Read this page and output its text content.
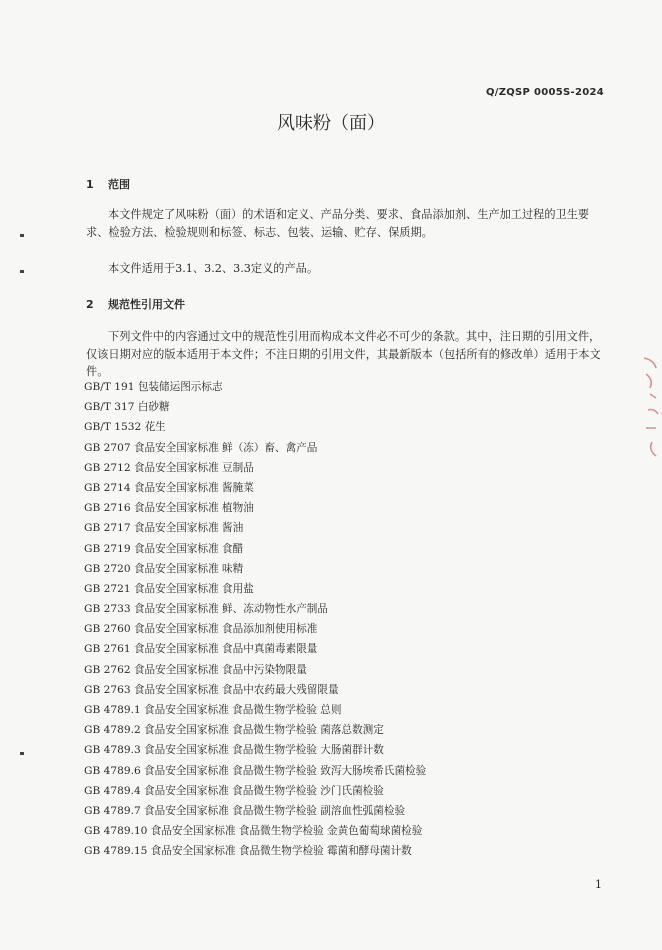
Q/ZQSP 0005S-2024
风味粉（面）
1 范围
本文件规定了风味粉（面）的术语和定义、产品分类、要求、食品添加剂、生产加工过程的卫生要求、检验方法、检验规则和标签、标志、包装、运输、贮存、保质期。
本文件适用于3.1、3.2、3.3定义的产品。
2 规范性引用文件
下列文件中的内容通过文中的规范性引用而构成本文件必不可少的条款。其中，注日期的引用文件，仅该日期对应的版本适用于本文件；不注日期的引用文件，其最新版本（包括所有的修改单）适用于本文件。
GB/T 191 包装储运图示标志
GB/T 317 白砂糖
GB/T 1532 花生
GB 2707 食品安全国家标准 鲜（冻）畜、禽产品
GB 2712 食品安全国家标准 豆制品
GB 2714 食品安全国家标准 酱腌菜
GB 2716 食品安全国家标准 植物油
GB 2717 食品安全国家标准 酱油
GB 2719 食品安全国家标准 食醋
GB 2720 食品安全国家标准 味精
GB 2721 食品安全国家标准 食用盐
GB 2733 食品安全国家标准 鲜、冻动物性水产制品
GB 2760 食品安全国家标准 食品添加剂使用标准
GB 2761 食品安全国家标准 食品中真菌毒素限量
GB 2762 食品安全国家标准 食品中污染物限量
GB 2763 食品安全国家标准 食品中农药最大残留限量
GB 4789.1 食品安全国家标准 食品微生物学检验 总则
GB 4789.2 食品安全国家标准 食品微生物学检验 菌落总数测定
GB 4789.3 食品安全国家标准 食品微生物学检验 大肠菌群计数
GB 4789.6 食品安全国家标准 食品微生物学检验 致泻大肠埃希氏菌检验
GB 4789.4 食品安全国家标准 食品微生物学检验 沙门氏菌检验
GB 4789.7 食品安全国家标准 食品微生物学检验 副溶血性弧菌检验
GB 4789.10 食品安全国家标准 食品微生物学检验 金黄色葡萄球菌检验
GB 4789.15 食品安全国家标准 食品微生物学检验 霉菌和酵母菌计数
1
